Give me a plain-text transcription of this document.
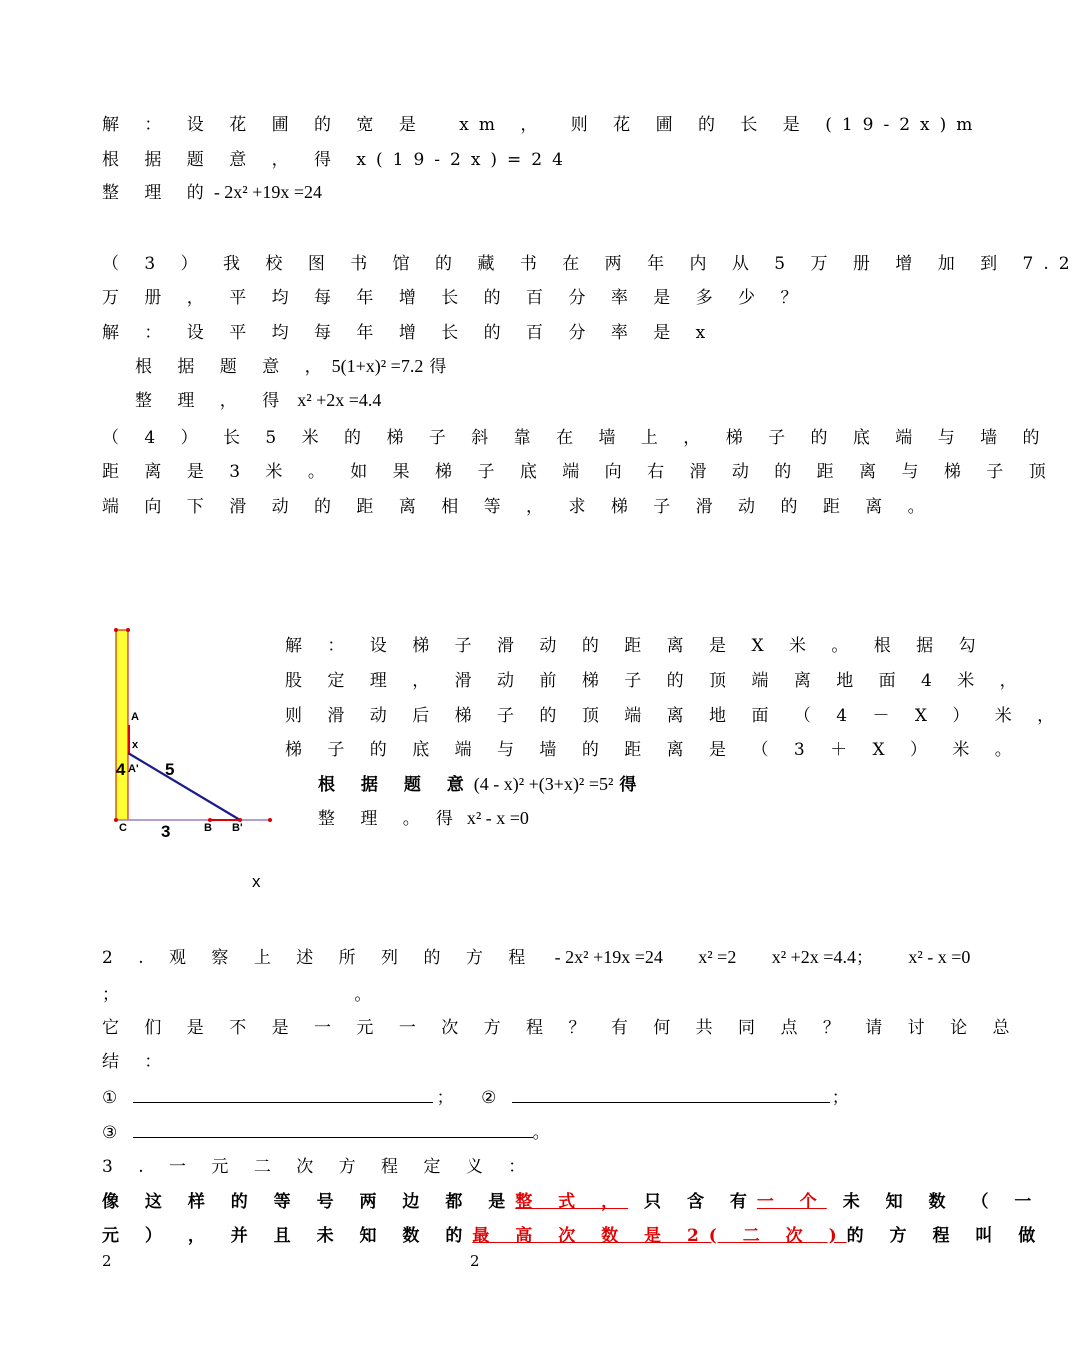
解 ： 设 花 圃 的 宽 是 xm ， 则 花 圃 的 长 是 (19-2x)m
根 据 题 意 ， 得 x(19-2x)=24
整 理 的- 2x² +19x =24
（ 3 ） 我 校 图 书 馆 的 藏 书 在 两 年 内 从 5 万 册 增 加 到 7.2
万 册 ， 平 均 每 年 增 长 的 百 分 率 是 多 少 ？
解 ： 设 平 均 每 年 增 长 的 百 分 率 是 x
根 据 题 意 ，5(1+x)² =7.2 得
整 理 ， 得 x² +2x =4.4
（ 4 ） 长 5 米 的 梯 子 斜 靠 在 墙 上 ， 梯 子 的 底 端 与 墙 的
距 离 是 3 米 。 如 果 梯 子 底 端 向 右 滑 动 的 距 离 与 梯 子 顶
端 向 下 滑 动 的 距 离 相 等 ， 求 梯 子 滑 动 的 距 离 。
A
x
4 A' 5
C 3	B B'
解 ： 设 梯 子 滑 动 的 距 离 是 X 米 。 根 据 勾
股 定 理 ， 滑 动 前 梯 子 的 顶 端 离 地 面 4 米 ，
则 滑 动 后 梯 子 的 顶 端 离 地 面 （ 4 － X ） 米 ，
梯 子 的 底 端 与 墙 的 距 离 是 （ 3 ＋ X ） 米 。
根 据 题 意(4 - x)² +(3+x)² =5² 得
整 理 。 得 x² - x =0
x
2 . 观 察 上 述 所 列 的 方 程 - 2x² +19x =24 x² =2 x² +2x =4.4； x² - x =0
；	。
它 们 是 不 是 一 元 一 次 方 程 ？ 有 何 共 同 点 ？ 请 讨 论 总
结 ：
①	； ②	；
③	。
3 . 一 元 二 次 方 程 定 义 ：
像 这 样 的 等 号 两 边 都 是整 式 ， 只 含 有一 个 未 知 数 （ 一
元 ） ， 并 且 未 知 数 的最 高 次 数 是 2( 二 次 )的 方 程 叫 做
2	2
